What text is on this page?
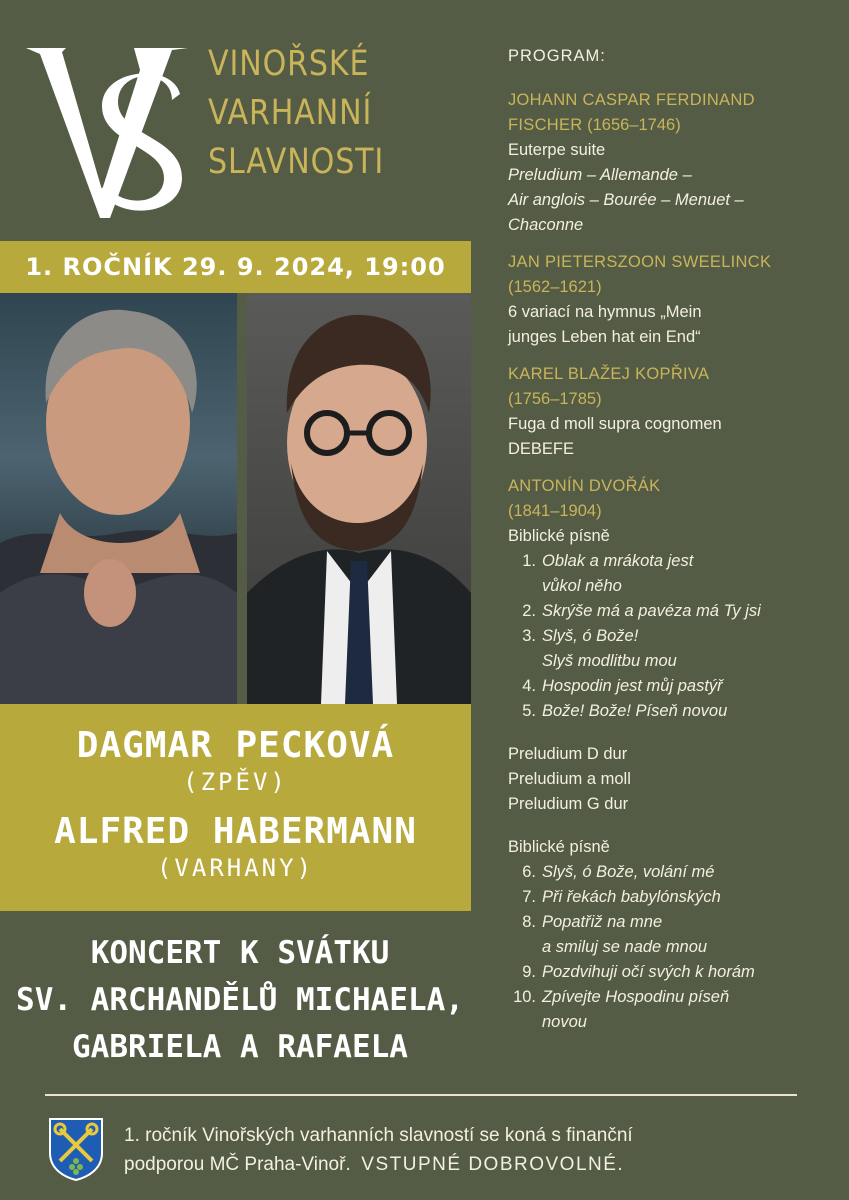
VINOŘSKÉ
VARHANNÍ
SLAVNOSTI
1. ROČNÍK 29. 9. 2024, 19:00
DAGMAR PECKOVÁ
(ZPĚV)
ALFRED HABERMANN
(VARHANY)
KONCERT K SVÁTKU
SV. ARCHANDĚLŮ MICHAELA,
GABRIELA A RAFAELA
PROGRAM:
JOHANN CASPAR FERDINAND
FISCHER (1656–1746)
Euterpe suite
Preludium – Allemande –
Air anglois – Bourée – Menuet –
Chaconne
JAN PIETERSZOON SWEELINCK
(1562–1621)
6 variací na hymnus „Mein
junges Leben hat ein End“
KAREL BLAŽEJ KOPŘIVA
(1756–1785)
Fuga d moll supra cognomen
DEBEFE
ANTONÍN DVOŘÁK
(1841–1904)
Biblické písně
1. Oblak a mrákota jest
vůkol něho
2. Skrýše má a pavéza má Ty jsi
3. Slyš, ó Bože!
Slyš modlitbu mou
4. Hospodin jest můj pastýř
5. Bože! Bože! Píseň novou
Preludium D dur
Preludium a moll
Preludium G dur
Biblické písně
6. Slyš, ó Bože, volání mé
7. Při řekách babylónských
8. Popatřiž na mne
a smiluj se nade mnou
9. Pozdvihuji očí svých k horám
10. Zpívejte Hospodinu píseň
novou
1. ročník Vinořských varhanních slavností se koná s finanční
podporou MČ Praha-Vinoř. VSTUPNÉ DOBROVOLNÉ.
